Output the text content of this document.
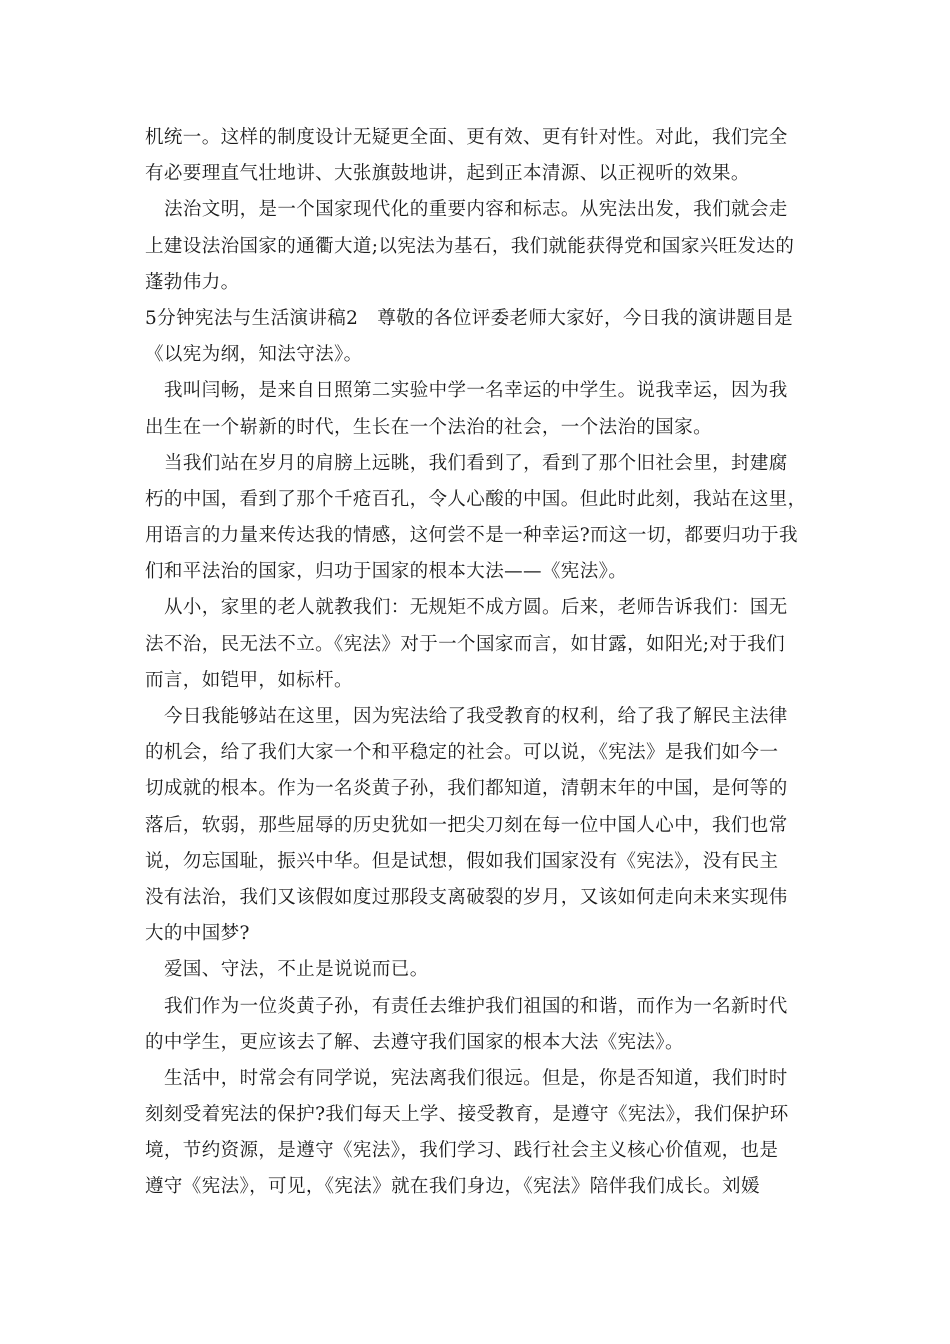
机统一。这样的制度设计无疑更全面、更有效、更有针对性。对此，我们完全
有必要理直气壮地讲、大张旗鼓地讲，起到正本清源、以正视听的效果。
法治文明，是一个国家现代化的重要内容和标志。从宪法出发，我们就会走
上建设法治国家的通衢大道;以宪法为基石，我们就能获得党和国家兴旺发达的
蓬勃伟力。
5分钟宪法与生活演讲稿2　尊敬的各位评委老师大家好，今日我的演讲题目是
《以宪为纲，知法守法》。
我叫闫畅，是来自日照第二实验中学一名幸运的中学生。说我幸运，因为我
出生在一个崭新的时代，生长在一个法治的社会，一个法治的国家。
当我们站在岁月的肩膀上远眺，我们看到了，看到了那个旧社会里，封建腐
朽的中国，看到了那个千疮百孔，令人心酸的中国。但此时此刻，我站在这里，
用语言的力量来传达我的情感，这何尝不是一种幸运?而这一切，都要归功于我
们和平法治的国家，归功于国家的根本大法——《宪法》。
从小，家里的老人就教我们：无规矩不成方圆。后来，老师告诉我们：国无
法不治，民无法不立。《宪法》对于一个国家而言，如甘露，如阳光;对于我们
而言，如铠甲，如标杆。
今日我能够站在这里，因为宪法给了我受教育的权利，给了我了解民主法律
的机会，给了我们大家一个和平稳定的社会。可以说，《宪法》是我们如今一
切成就的根本。作为一名炎黄子孙，我们都知道，清朝末年的中国，是何等的
落后，软弱，那些屈辱的历史犹如一把尖刀刻在每一位中国人心中，我们也常
说，勿忘国耻，振兴中华。但是试想，假如我们国家没有《宪法》，没有民主
没有法治，我们又该假如度过那段支离破裂的岁月，又该如何走向未来实现伟
大的中国梦?
爱国、守法，不止是说说而已。
我们作为一位炎黄子孙，有责任去维护我们祖国的和谐，而作为一名新时代
的中学生，更应该去了解、去遵守我们国家的根本大法《宪法》。
生活中，时常会有同学说，宪法离我们很远。但是，你是否知道，我们时时
刻刻受着宪法的保护?我们每天上学、接受教育，是遵守《宪法》，我们保护环
境，节约资源，是遵守《宪法》，我们学习、践行社会主义核心价值观，也是
遵守《宪法》，可见，《宪法》就在我们身边，《宪法》陪伴我们成长。刘媛
